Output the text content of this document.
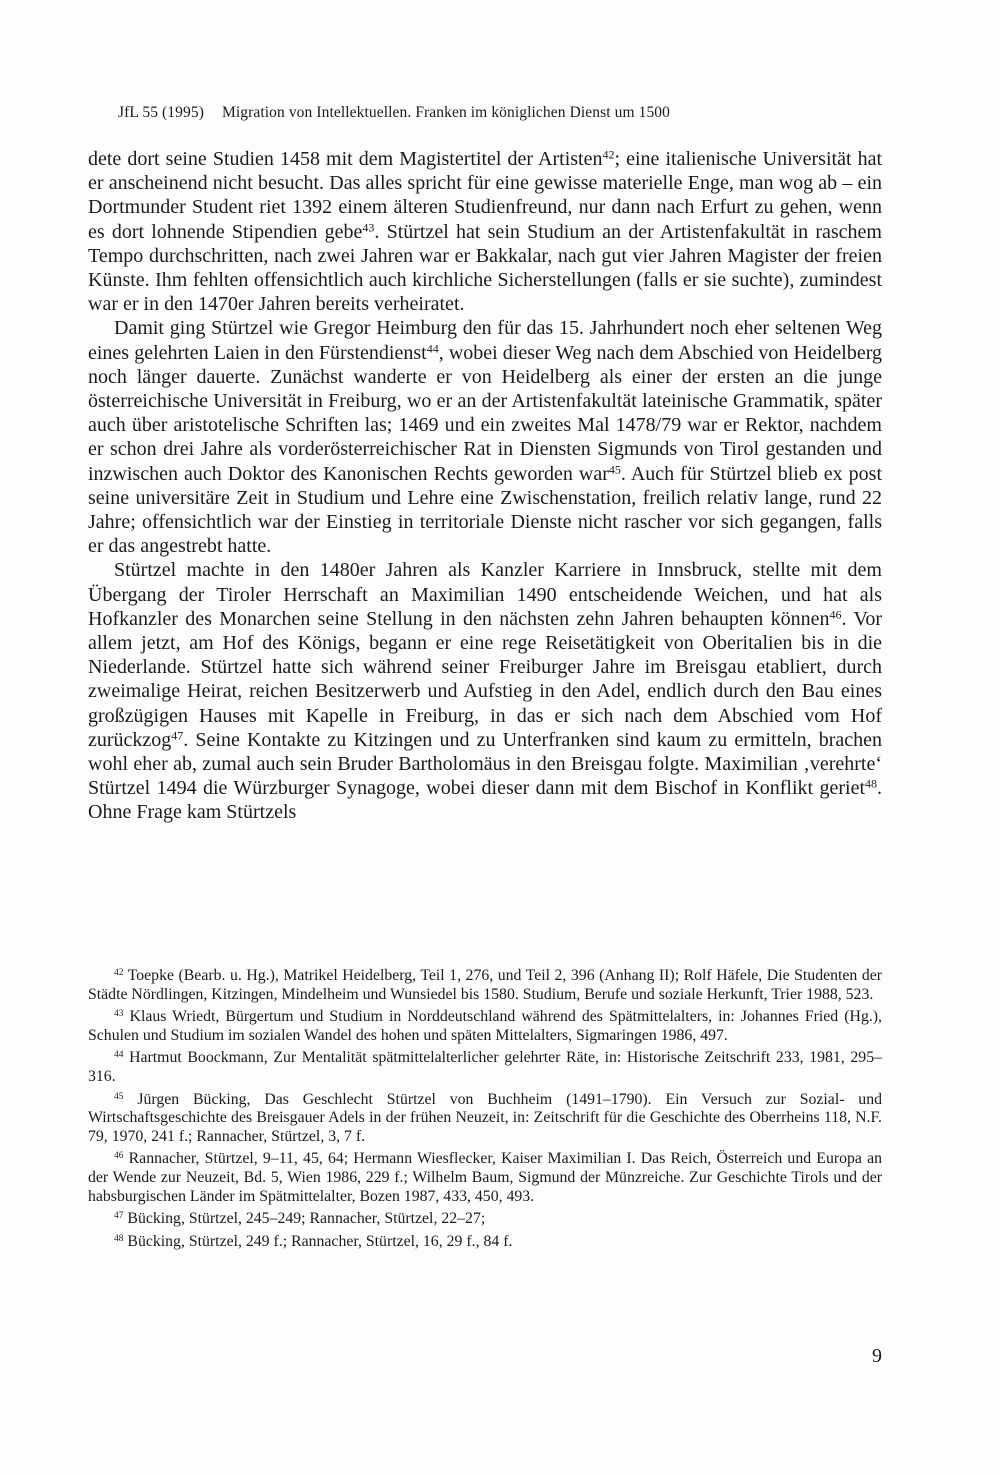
JfL 55 (1995) Migration von Intellektuellen. Franken im königlichen Dienst um 1500

dete dort seine Studien 1458 mit dem Magistertitel der Artisten$^{42}$; eine italienische Universität hat er anscheinend nicht besucht. Das alles spricht für eine gewisse materielle Enge, man wog ab – ein Dortmunder Student riet 1392 einem älteren Studienfreund, nur dann nach Erfurt zu gehen, wenn es dort lohnende Stipendien gebe$^{43}$. Stürtzel hat sein Studium an der Artistenfakultät in raschem Tempo durchschritten, nach zwei Jahren war er Bakkalar, nach gut vier Jahren Magister der freien Künste. Ihm fehlten offensichtlich auch kirchliche Sicherstellungen (falls er sie suchte), zumindest war er in den 1470er Jahren bereits verheiratet.

Damit ging Stürtzel wie Gregor Heimburg den für das 15. Jahrhundert noch eher seltenen Weg eines gelehrten Laien in den Fürstendienst$^{44}$, wobei dieser Weg nach dem Abschied von Heidelberg noch länger dauerte. Zunächst wanderte er von Heidelberg als einer der ersten an die junge österreichische Universität in Freiburg, wo er an der Artistenfakultät lateinische Grammatik, später auch über aristotelische Schriften las; 1469 und ein zweites Mal 1478/79 war er Rektor, nachdem er schon drei Jahre als vorderösterreichischer Rat in Diensten Sigmunds von Tirol gestanden und inzwischen auch Doktor des Kanonischen Rechts geworden war$^{45}$. Auch für Stürtzel blieb ex post seine universitäre Zeit in Studium und Lehre eine Zwischenstation, freilich relativ lange, rund 22 Jahre; offensichtlich war der Einstieg in territoriale Dienste nicht rascher vor sich gegangen, falls er das angestrebt hatte.

Stürtzel machte in den 1480er Jahren als Kanzler Karriere in Innsbruck, stellte mit dem Übergang der Tiroler Herrschaft an Maximilian 1490 entscheidende Weichen, und hat als Hofkanzler des Monarchen seine Stellung in den nächsten zehn Jahren behaupten können$^{46}$. Vor allem jetzt, am Hof des Königs, begann er eine rege Reisetätigkeit von Oberitalien bis in die Niederlande. Stürtzel hatte sich während seiner Freiburger Jahre im Breisgau etabliert, durch zweimalige Heirat, reichen Besitzerwerb und Aufstieg in den Adel, endlich durch den Bau eines großzügigen Hauses mit Kapelle in Freiburg, in das er sich nach dem Abschied vom Hof zurückzog$^{47}$. Seine Kontakte zu Kitzingen und zu Unterfranken sind kaum zu ermitteln, brachen wohl eher ab, zumal auch sein Bruder Bartholomäus in den Breisgau folgte. Maximilian ‚verehrte‘ Stürtzel 1494 die Würzburger Synagoge, wobei dieser dann mit dem Bischof in Konflikt geriet$^{48}$. Ohne Frage kam Stürtzels

$^{42}$ Toepke (Bearb. u. Hg.), Matrikel Heidelberg, Teil 1, 276, und Teil 2, 396 (Anhang II); Rolf Häfele, Die Studenten der Städte Nördlingen, Kitzingen, Mindelheim und Wunsiedel bis 1580. Studium, Berufe und soziale Herkunft, Trier 1988, 523.

$^{43}$ Klaus Wriedt, Bürgertum und Studium in Norddeutschland während des Spätmittelalters, in: Johannes Fried (Hg.), Schulen und Studium im sozialen Wandel des hohen und späten Mittelalters, Sigmaringen 1986, 497.

$^{44}$ Hartmut Boockmann, Zur Mentalität spätmittelalterlicher gelehrter Räte, in: Historische Zeitschrift 233, 1981, 295–316.

$^{45}$ Jürgen Bücking, Das Geschlecht Stürtzel von Buchheim (1491–1790). Ein Versuch zur Sozial- und Wirtschaftsgeschichte des Breisgauer Adels in der frühen Neuzeit, in: Zeitschrift für die Geschichte des Oberrheins 118, N.F. 79, 1970, 241 f.; Rannacher, Stürtzel, 3, 7 f.

$^{46}$ Rannacher, Stürtzel, 9–11, 45, 64; Hermann Wiesflecker, Kaiser Maximilian I. Das Reich, Österreich und Europa an der Wende zur Neuzeit, Bd. 5, Wien 1986, 229 f.; Wilhelm Baum, Sigmund der Münzreiche. Zur Geschichte Tirols und der habsburgischen Länder im Spätmittelalter, Bozen 1987, 433, 450, 493.

$^{47}$ Bücking, Stürtzel, 245–249; Rannacher, Stürtzel, 22–27;

$^{48}$ Bücking, Stürtzel, 249 f.; Rannacher, Stürtzel, 16, 29 f., 84 f.

9
